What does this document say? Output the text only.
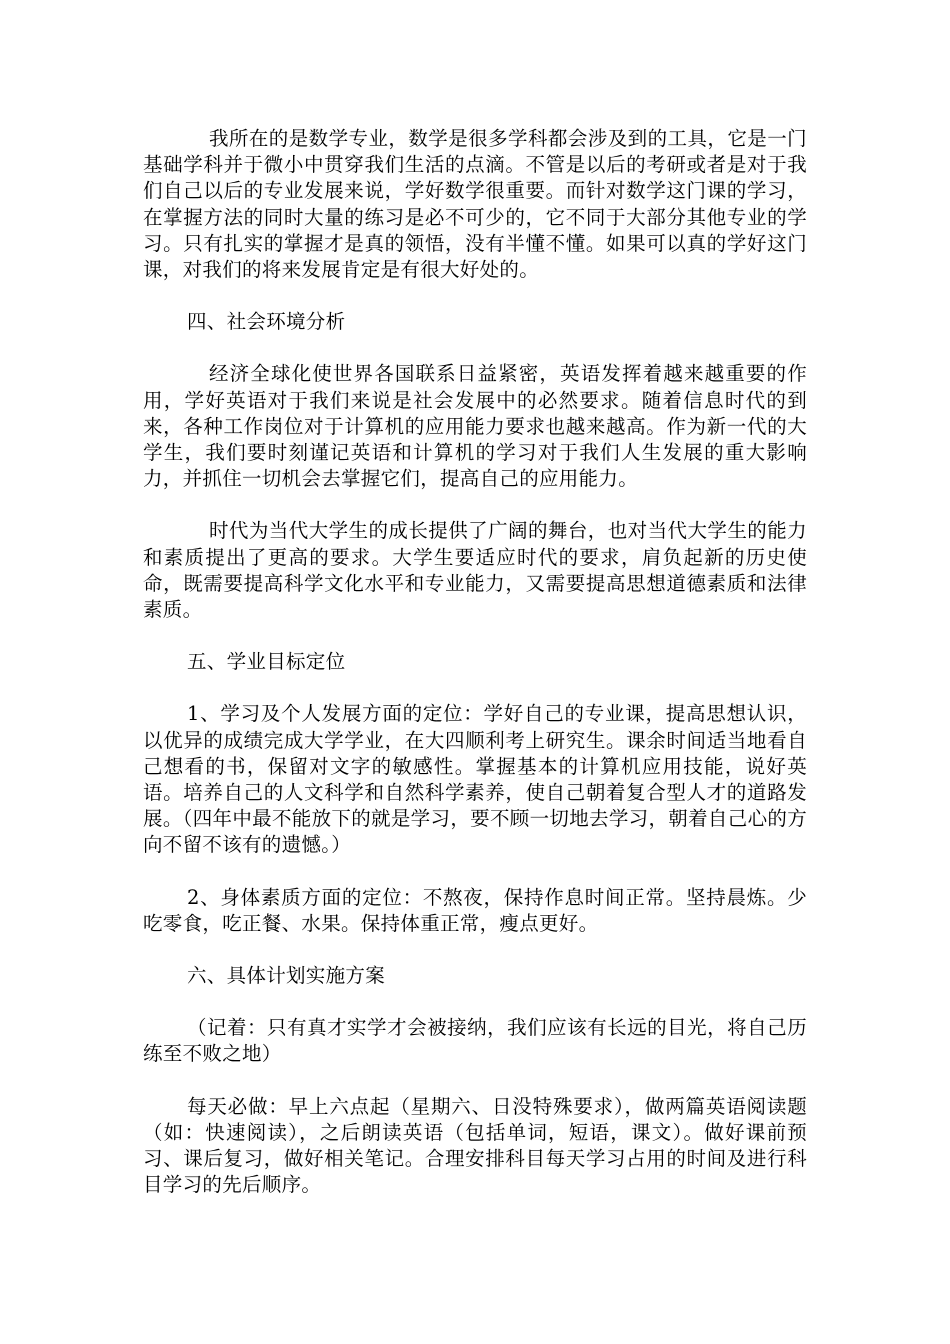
我所在的是数学专业，数学是很多学科都会涉及到的工具，它是一门基础学科并于微小中贯穿我们生活的点滴。不管是以后的考研或者是对于我们自己以后的专业发展来说，学好数学很重要。而针对数学这门课的学习，在掌握方法的同时大量的练习是必不可少的，它不同于大部分其他专业的学习。只有扎实的掌握才是真的领悟，没有半懂不懂。如果可以真的学好这门课，对我们的将来发展肯定是有很大好处的。

四、社会环境分析

经济全球化使世界各国联系日益紧密，英语发挥着越来越重要的作用，学好英语对于我们来说是社会发展中的必然要求。随着信息时代的到来，各种工作岗位对于计算机的应用能力要求也越来越高。作为新一代的大学生，我们要时刻谨记英语和计算机的学习对于我们人生发展的重大影响力，并抓住一切机会去掌握它们，提高自己的应用能力。

时代为当代大学生的成长提供了广阔的舞台，也对当代大学生的能力和素质提出了更高的要求。大学生要适应时代的要求，肩负起新的历史使命，既需要提高科学文化水平和专业能力，又需要提高思想道德素质和法律素质。

五、学业目标定位

1、学习及个人发展方面的定位：学好自己的专业课，提高思想认识，以优异的成绩完成大学学业，在大四顺利考上研究生。课余时间适当地看自己想看的书，保留对文字的敏感性。掌握基本的计算机应用技能，说好英语。培养自己的人文科学和自然科学素养，使自己朝着复合型人才的道路发展。（四年中最不能放下的就是学习，要不顾一切地去学习，朝着自己心的方向不留不该有的遗憾。）

2、身体素质方面的定位：不熬夜，保持作息时间正常。坚持晨炼。少吃零食，吃正餐、水果。保持体重正常，瘦点更好。

六、具体计划实施方案

（记着：只有真才实学才会被接纳，我们应该有长远的目光，将自己历练至不败之地）

每天必做：早上六点起（星期六、日没特殊要求），做两篇英语阅读题（如：快速阅读），之后朗读英语（包括单词，短语，课文）。做好课前预习、课后复习，做好相关笔记。合理安排科目每天学习占用的时间及进行科目学习的先后顺序。
